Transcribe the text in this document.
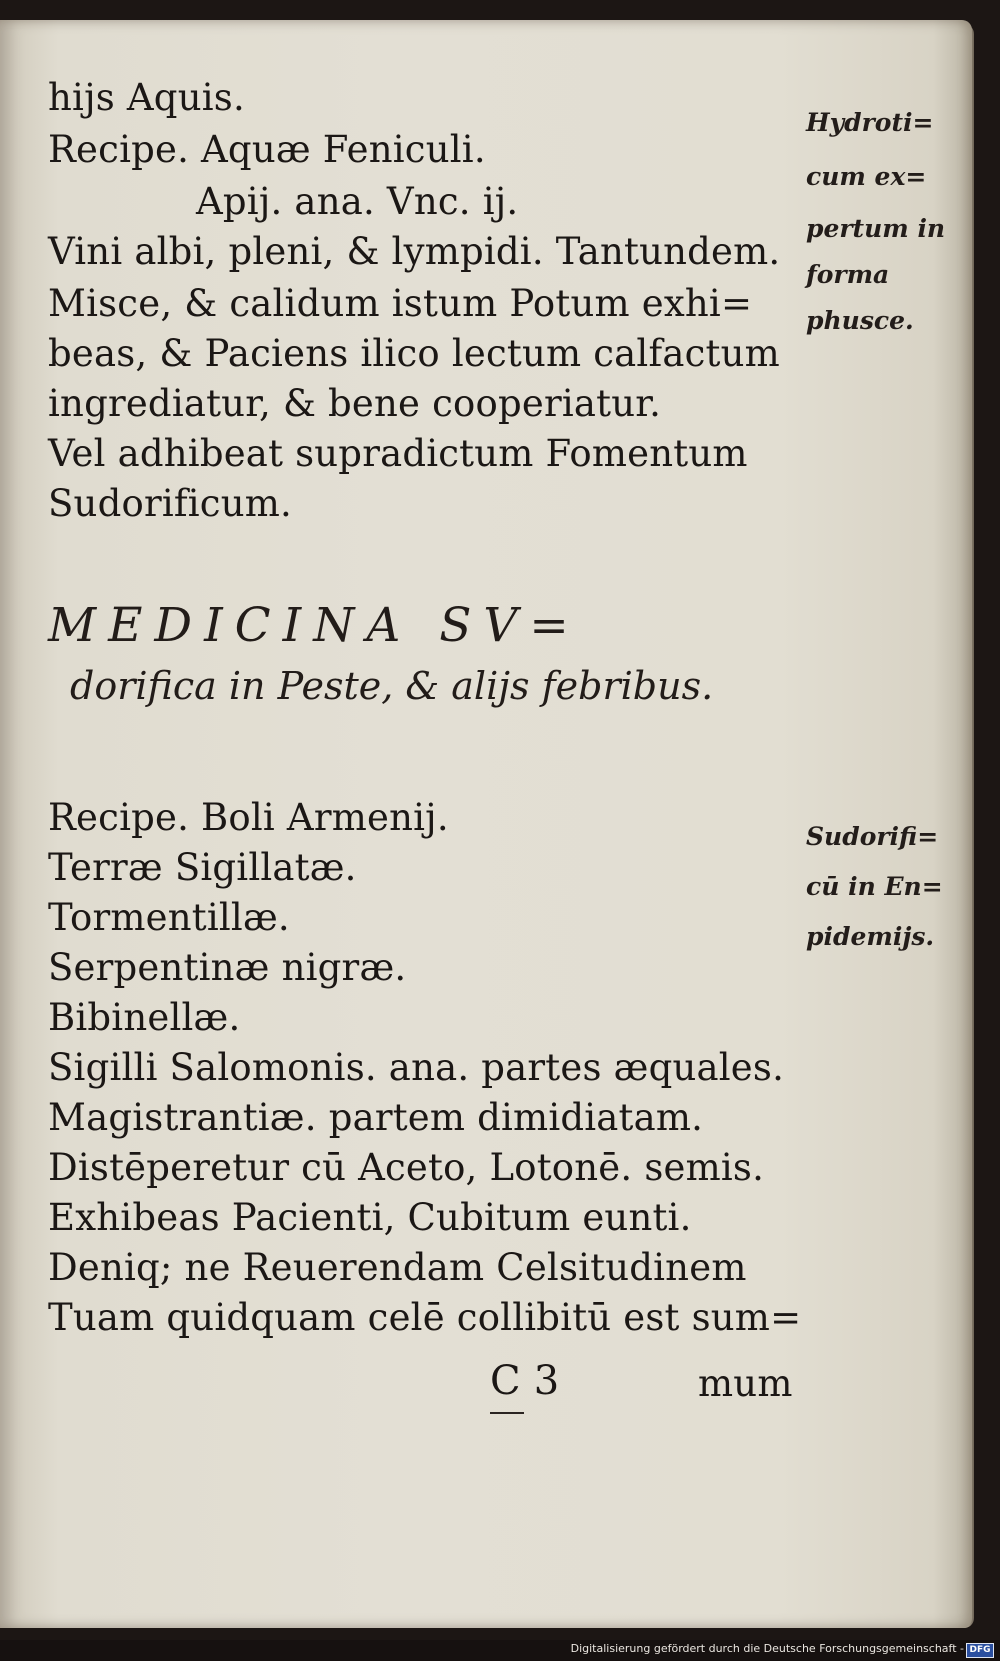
hijs Aquis.
Recipe. Aquæ Feniculi.
Apij. ana. Vnc. ij.
Vini albi, pleni, & lympidi. Tantundem.
Misce, & calidum istum Potum exhi=
beas, & Paciens ilico lectum calfactum
ingrediatur, & bene cooperiatur.
Vel adhibeat supradictum Fomentum
Sudorificum.
Hydroti=
cum ex=
pertum in
forma
phusce.
MEDICINA SV=
dorifica in Peste, & alijs febribus.
Recipe. Boli Armenij.
Terræ Sigillatæ.
Tormentillæ.
Serpentinæ nigræ.
Bibinellæ.
Sigilli Salomonis. ana. partes æquales.
Magistrantiæ. partem dimidiatam.
Distēperetur cū Aceto, Lotonē. semis.
Exhibeas Pacienti, Cubitum eunti.
Deniq; ne Reuerendam Celsitudinem
Tuam quidquam celē collibitū est sum=
Sudorifi=
cū in En=
pidemijs.
C 3	mum
Digitalisierung gefördert durch die Deutsche Forschungsgemeinschaft - DFG
